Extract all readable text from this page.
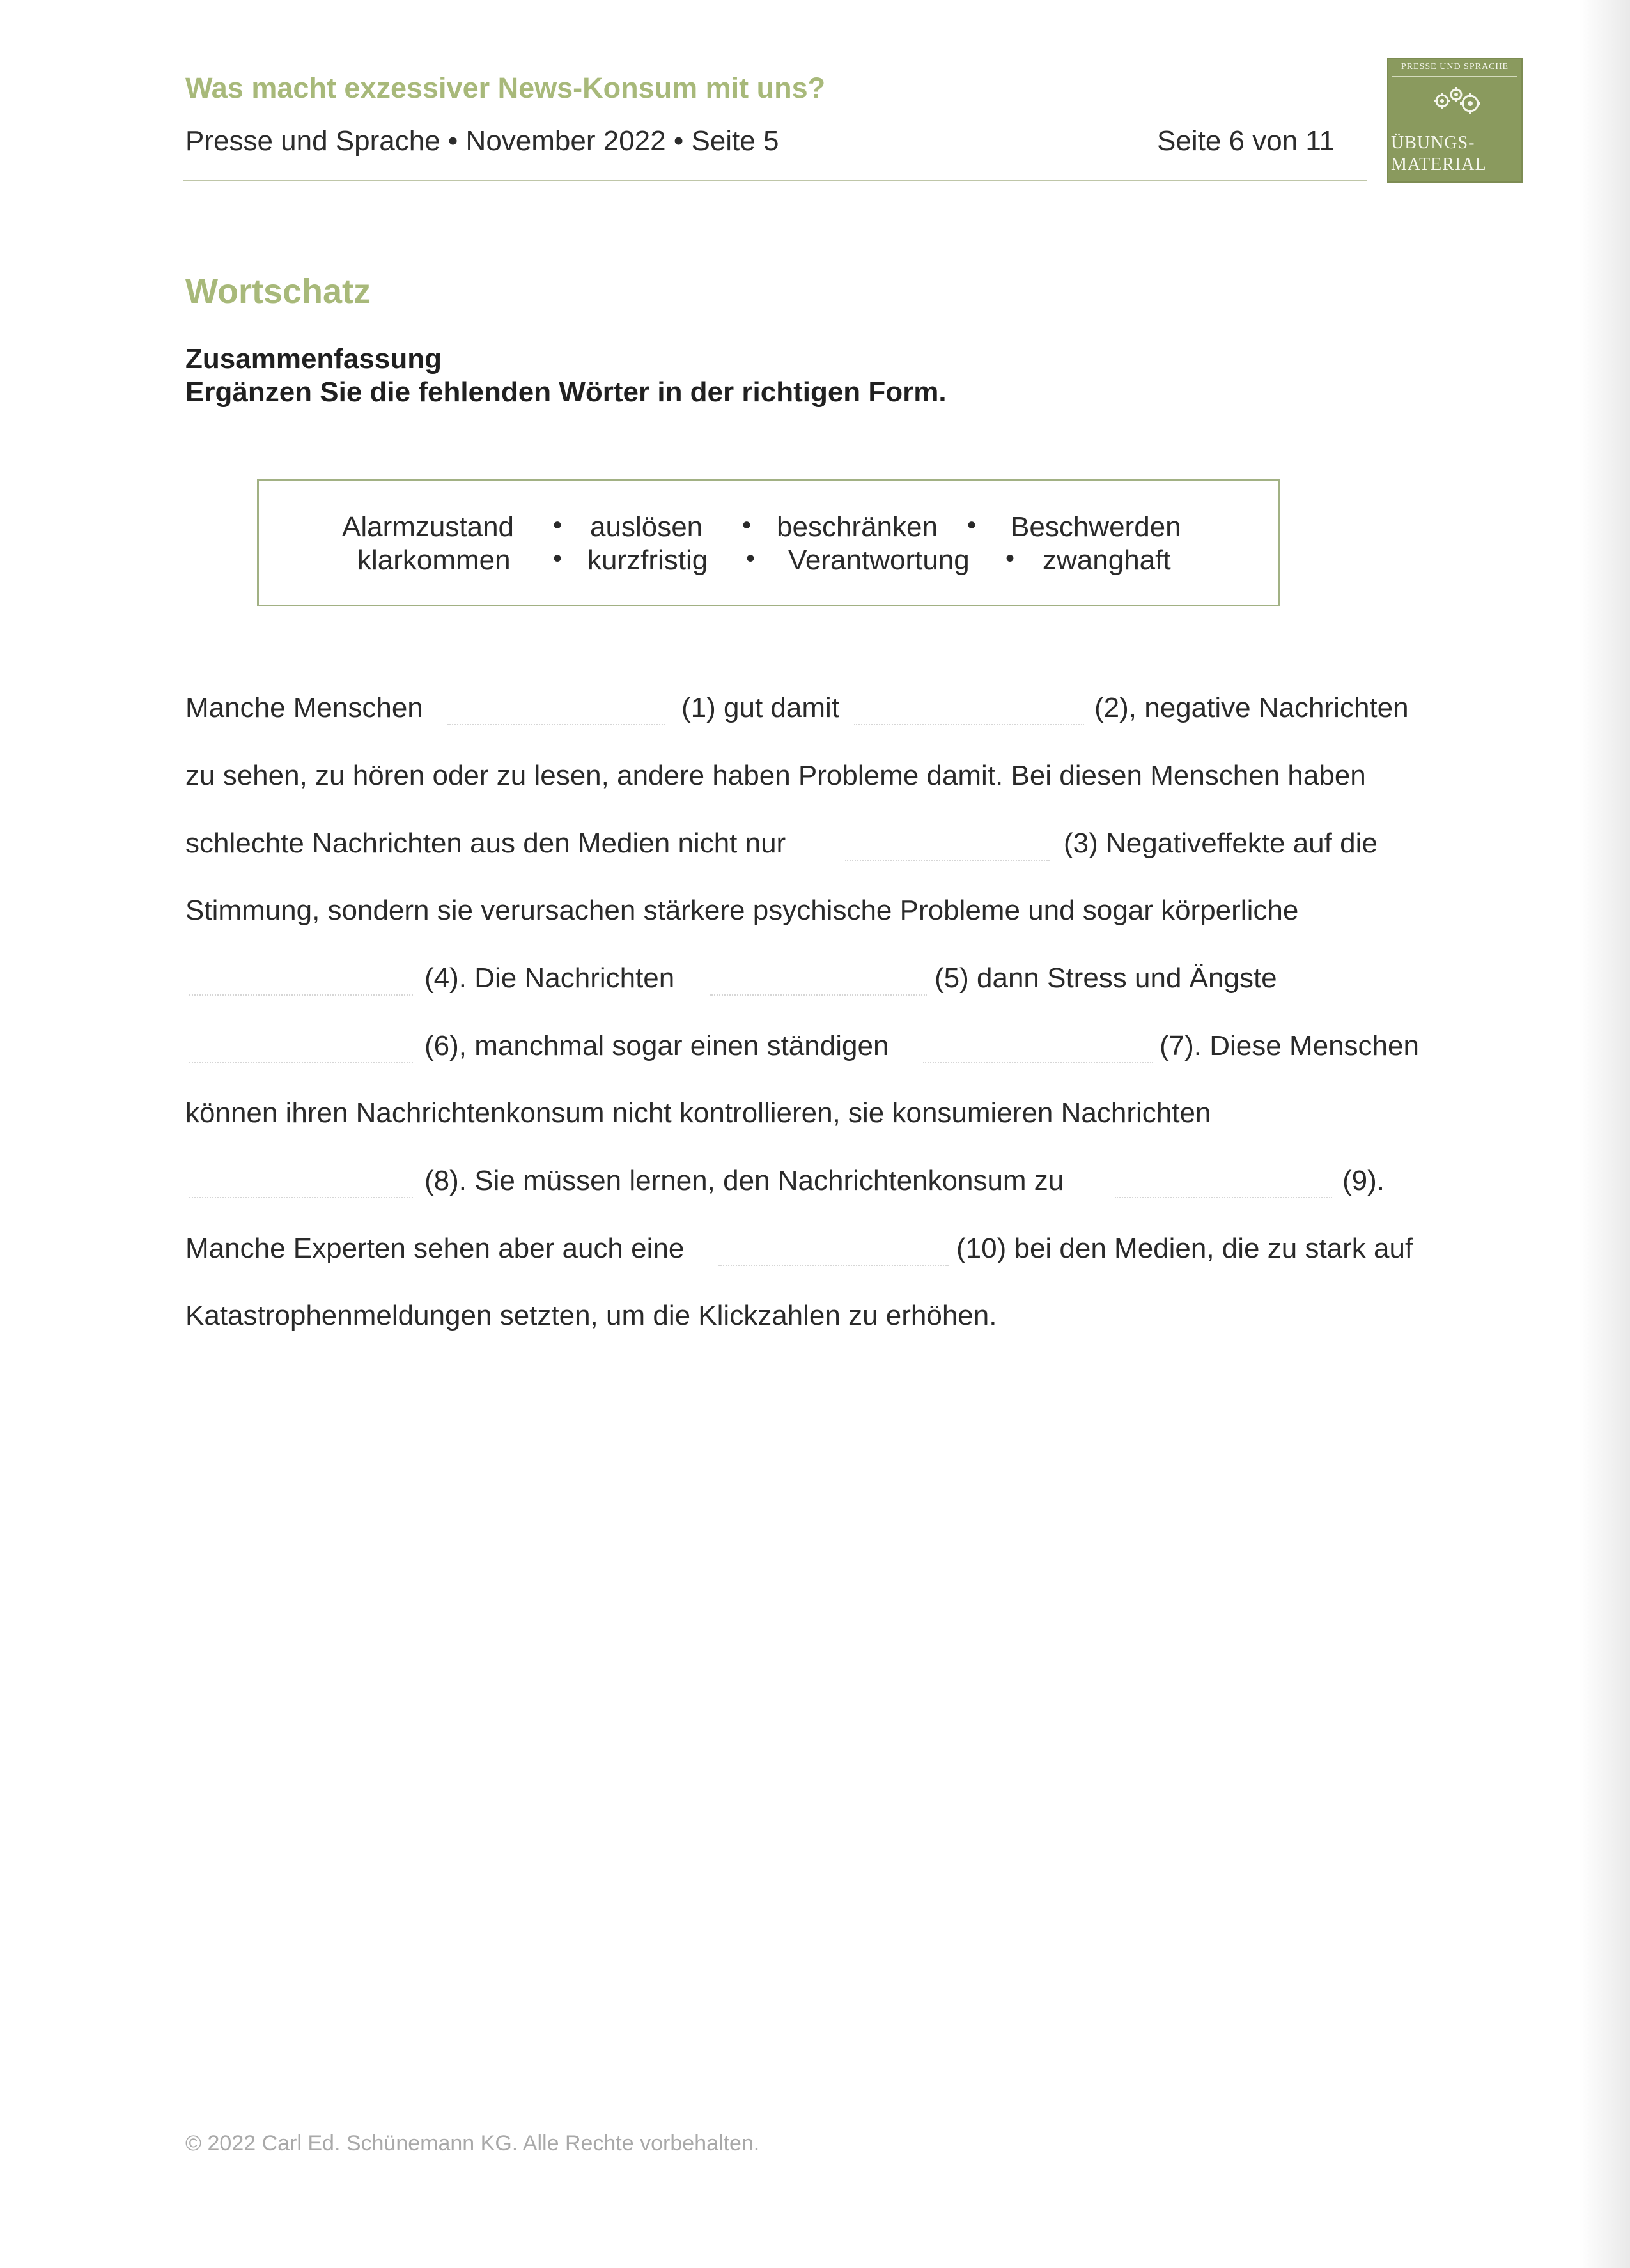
Was macht exzessiver News-Konsum mit uns?
Presse und Sprache • November 2022 • Seite 5	Seite 6 von 11
PRESSE UND SPRACHE
ÜBUNGS-
MATERIAL
Wortschatz
Zusammenfassung
Ergänzen Sie die fehlenden Wörter in der richtigen Form.
Alarmzustand • auslösen • beschränken • Beschwerden
klarkommen • kurzfristig • Verantwortung • zwanghaft
Manche Menschen	(1) gut damit	(2), negative Nachrichten
zu sehen, zu hören oder zu lesen, andere haben Probleme damit. Bei diesen Menschen haben
schlechte Nachrichten aus den Medien nicht nur	(3) Negativeffekte auf die
Stimmung, sondern sie verursachen stärkere psychische Probleme und sogar körperliche
(4). Die Nachrichten	(5) dann Stress und Ängste
(6), manchmal sogar einen ständigen	(7). Diese Menschen
können ihren Nachrichtenkonsum nicht kontrollieren, sie konsumieren Nachrichten
(8). Sie müssen lernen, den Nachrichtenkonsum zu	(9).
Manche Experten sehen aber auch eine	(10) bei den Medien, die zu stark auf
Katastrophenmeldungen setzten, um die Klickzahlen zu erhöhen.
© 2022 Carl Ed. Schünemann KG. Alle Rechte vorbehalten.
